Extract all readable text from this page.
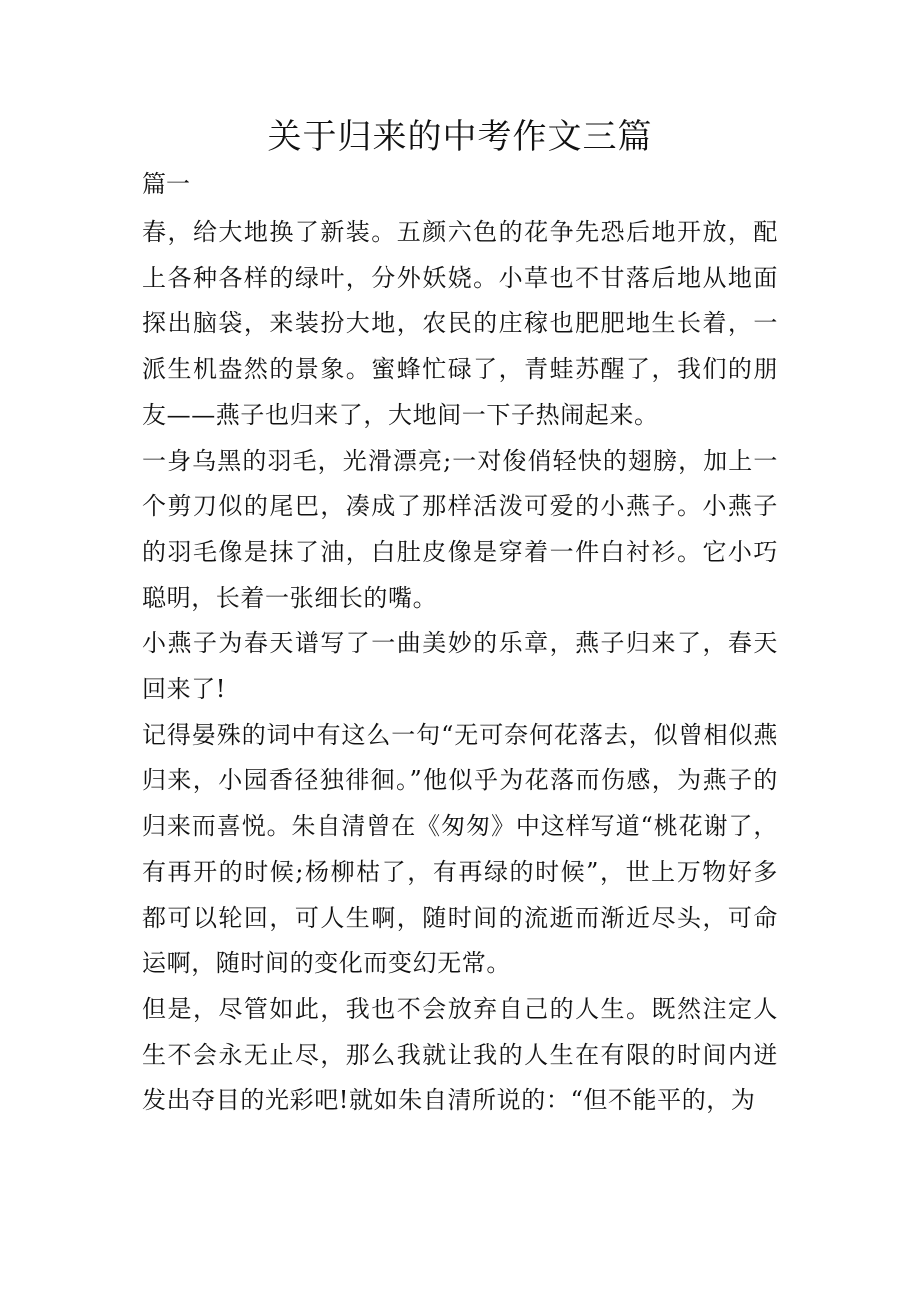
关于归来的中考作文三篇

篇一

春，给大地换了新装。五颜六色的花争先恐后地开放，配上各种各样的绿叶，分外妖娆。小草也不甘落后地从地面探出脑袋，来装扮大地，农民的庄稼也肥肥地生长着，一派生机盎然的景象。蜜蜂忙碌了，青蛙苏醒了，我们的朋友——燕子也归来了，大地间一下子热闹起来。

一身乌黑的羽毛，光滑漂亮;一对俊俏轻快的翅膀，加上一个剪刀似的尾巴，凑成了那样活泼可爱的小燕子。小燕子的羽毛像是抹了油，白肚皮像是穿着一件白衬衫。它小巧聪明，长着一张细长的嘴。

小燕子为春天谱写了一曲美妙的乐章，燕子归来了，春天回来了!

记得晏殊的词中有这么一句“无可奈何花落去，似曾相似燕归来，小园香径独徘徊。”他似乎为花落而伤感，为燕子的归来而喜悦。朱自清曾在《匆匆》中这样写道“桃花谢了，有再开的时候;杨柳枯了，有再绿的时候”，世上万物好多都可以轮回，可人生啊，随时间的流逝而渐近尽头，可命运啊，随时间的变化而变幻无常。

但是，尽管如此，我也不会放弃自己的人生。既然注定人生不会永无止尽，那么我就让我的人生在有限的时间内迸发出夺目的光彩吧!就如朱自清所说的：“但不能平的，为
